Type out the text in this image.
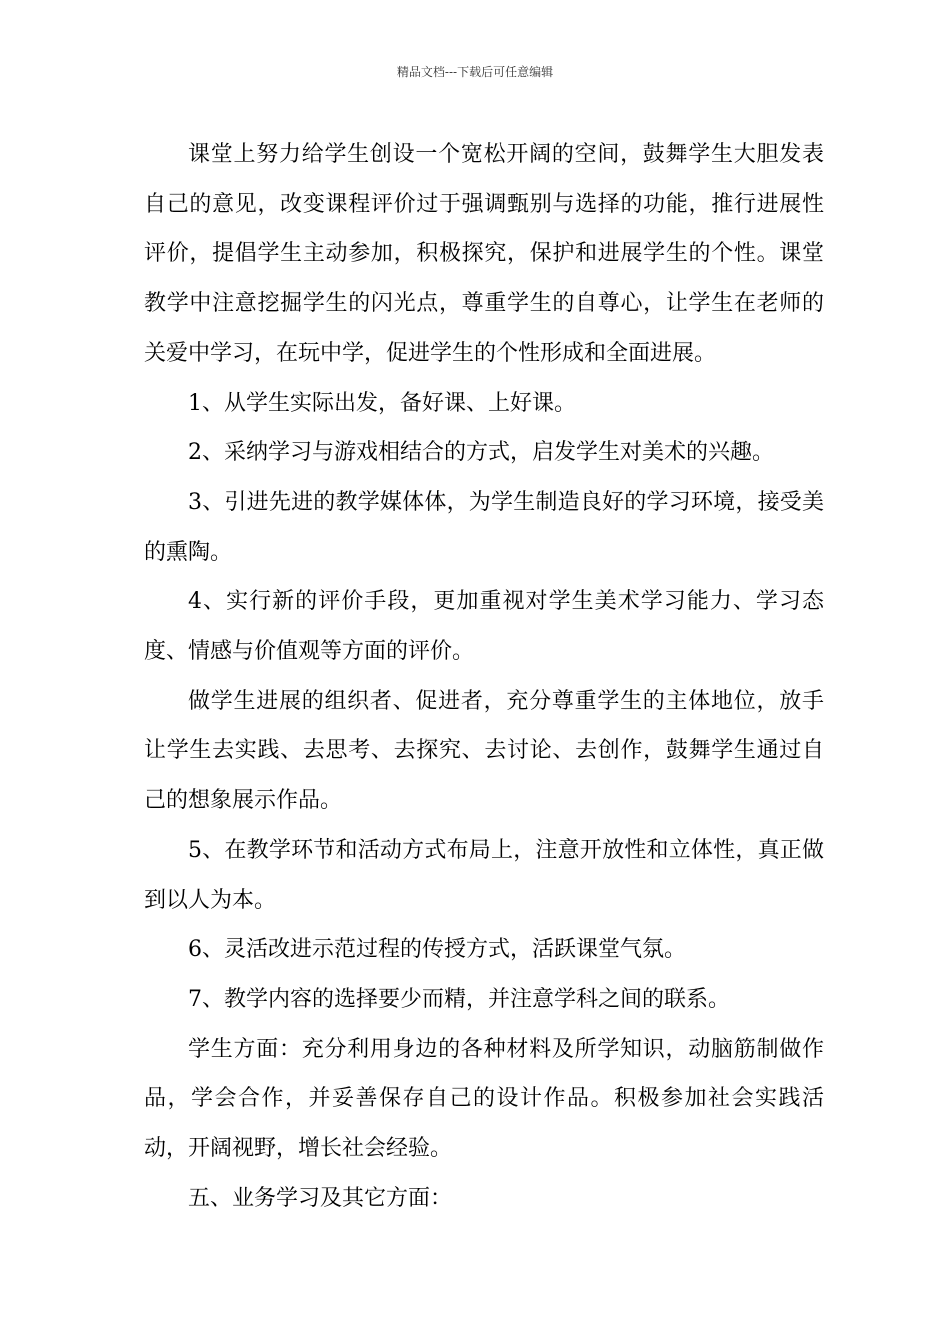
精品文档---下载后可任意编辑

课堂上努力给学生创设一个宽松开阔的空间，鼓舞学生大胆发表自己的意见，改变课程评价过于强调甄别与选择的功能，推行进展性评价，提倡学生主动参加，积极探究，保护和进展学生的个性。课堂教学中注意挖掘学生的闪光点，尊重学生的自尊心，让学生在老师的关爱中学习，在玩中学，促进学生的个性形成和全面进展。

1、从学生实际出发，备好课、上好课。

2、采纳学习与游戏相结合的方式，启发学生对美术的兴趣。

3、引进先进的教学媒体体，为学生制造良好的学习环境，接受美的熏陶。

4、实行新的评价手段，更加重视对学生美术学习能力、学习态度、情感与价值观等方面的评价。

做学生进展的组织者、促进者，充分尊重学生的主体地位，放手让学生去实践、去思考、去探究、去讨论、去创作，鼓舞学生通过自己的想象展示作品。

5、在教学环节和活动方式布局上，注意开放性和立体性，真正做到以人为本。

6、灵活改进示范过程的传授方式，活跃课堂气氛。

7、教学内容的选择要少而精，并注意学科之间的联系。

学生方面：充分利用身边的各种材料及所学知识，动脑筋制做作品，学会合作，并妥善保存自己的设计作品。积极参加社会实践活动，开阔视野，增长社会经验。

五、业务学习及其它方面：
